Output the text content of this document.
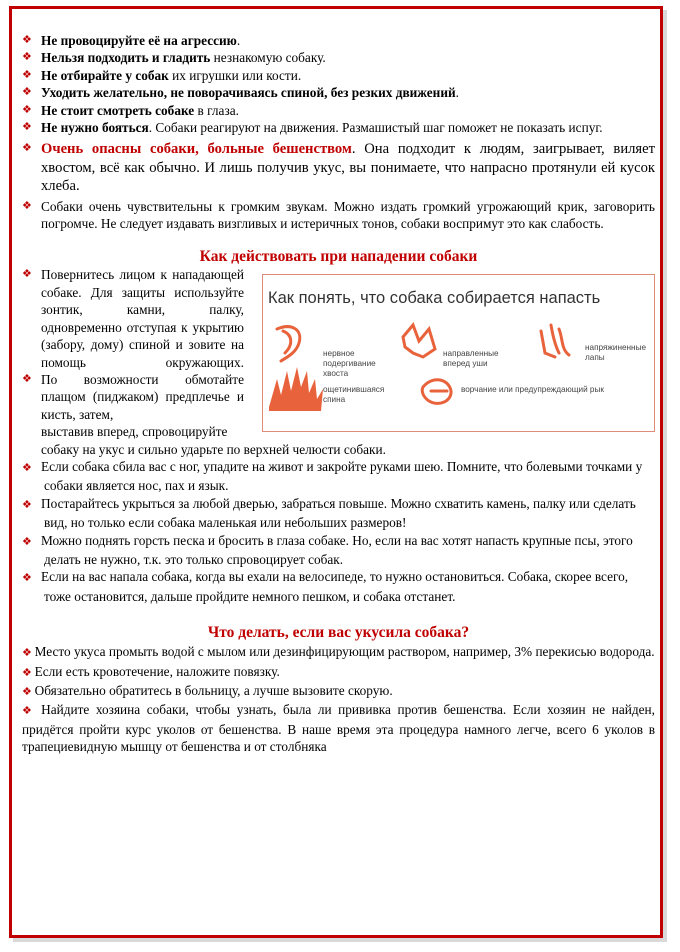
❖ Не провоцируйте её на агрессию.
❖ Нельзя подходить и гладить незнакомую собаку.
❖ Не отбирайте у собак их игрушки или кости.
❖ Уходить желательно, не поворачиваясь спиной, без резких движений.
❖ Не стоит смотреть собаке в глаза.
❖ Не нужно бояться. Собаки реагируют на движения. Размашистый шаг поможет не показать испуг.
❖ Очень опасны собаки, больные бешенством. Она подходит к людям, заигрывает, виляет хвостом, всё как обычно. И лишь получив укус, вы понимаете, что напрасно протянули ей кусок хлеба.
❖ Собаки очень чувствительны к громким звукам. Можно издать громкий угрожающий крик, заговорить погромче. Не следует издавать визгливых и истеричных тонов, собаки воспримут это как слабость.
Как действовать при нападении собаки
Как понять, что собака собирается напасть
нервное подергивание хвоста
направленные вперед уши
напряжиненные лапы
ощетинившаяся спина
ворчание или предупреждающий рык
❖ Повернитесь лицом к нападающей собаке. Для защиты используйте зонтик, камни, палку, одновременно отступая к укрытию (забору, дому) спиной и зовите на помощь окружающих.
❖ По возможности обмотайте плащом (пиджаком) предплечье и кисть, затем,
выставив вперед, спровоцируйте собаку на укус и сильно ударьте по верхней челюсти собаки.
❖ Если собака сбила вас с ног, упадите на живот и закройте руками шею. Помните, что болевыми точками у собаки является нос, пах и язык.
❖ Постарайтесь укрыться за любой дверью, забраться повыше. Можно схватить камень, палку или сделать вид, но только если собака маленькая или небольших размеров!
❖ Можно поднять горсть песка и бросить в глаза собаке. Но, если на вас хотят напасть крупные псы, этого делать не нужно, т.к. это только спровоцирует собак.
❖ Если на вас напала собака, когда вы ехали на велосипеде, то нужно остановиться. Собака, скорее всего, тоже остановится, дальше пройдите немного пешком, и собака отстанет.
Что делать, если вас укусила собака?
❖ Место укуса промыть водой с мылом или дезинфицирующим раствором, например, 3% перекисью водорода.
❖ Если есть кровотечение, наложите повязку.
❖ Обязательно обратитесь в больницу, а лучше вызовите скорую.
❖ Найдите хозяина собаки, чтобы узнать, была ли прививка против бешенства. Если хозяин не найден, придётся пройти курс уколов от бешенства. В наше время эта процедура намного легче, всего 6 уколов в трапециевидную мышцу от бешенства и от столбняка
